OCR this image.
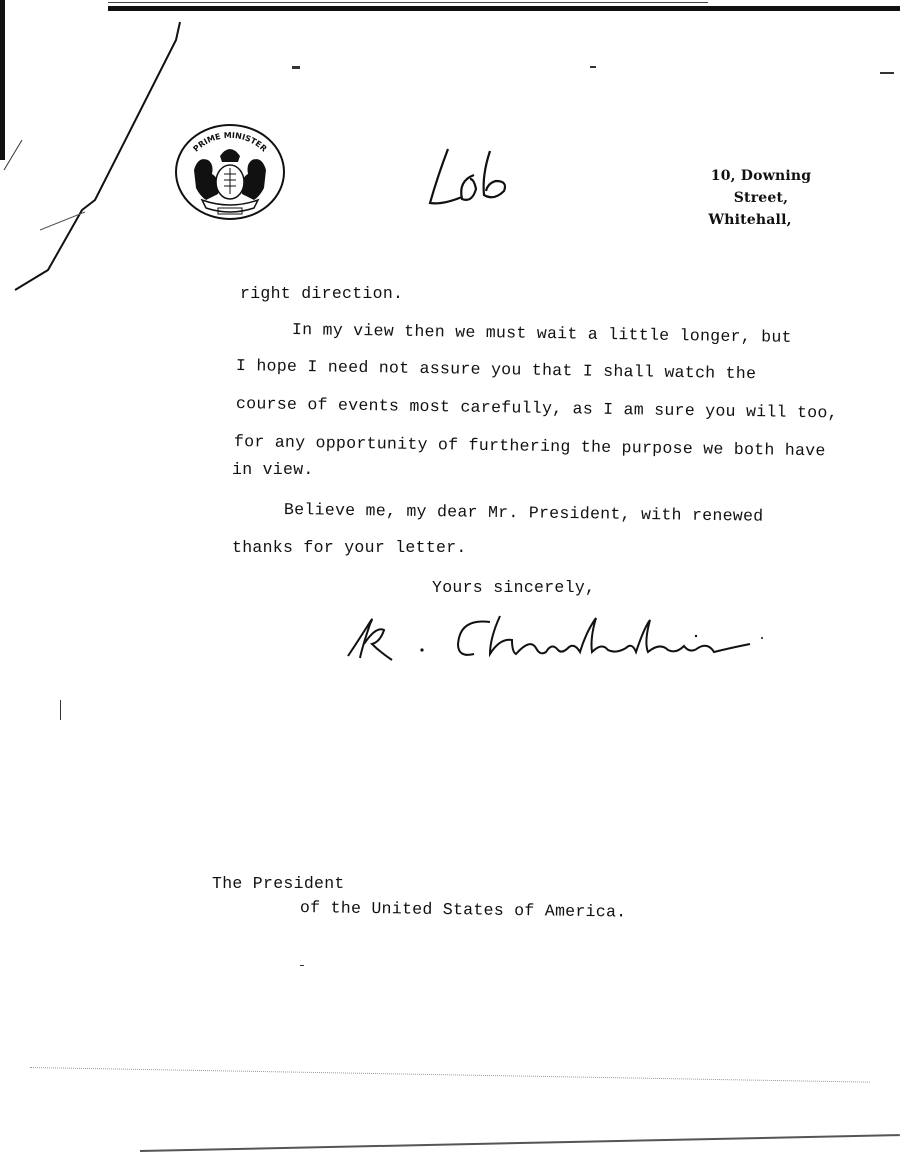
PRIME MINISTER
10, Downing Street,
Whitehall,
right direction.
In my view then we must wait a little longer, but
I hope I need not assure you that I shall watch the
course of events most carefully, as I am sure you will too,
for any opportunity of furthering the purpose we both have
in view.
Believe me, my dear Mr. President, with renewed
thanks for your letter.
Yours sincerely,
The President
of the United States of America.
